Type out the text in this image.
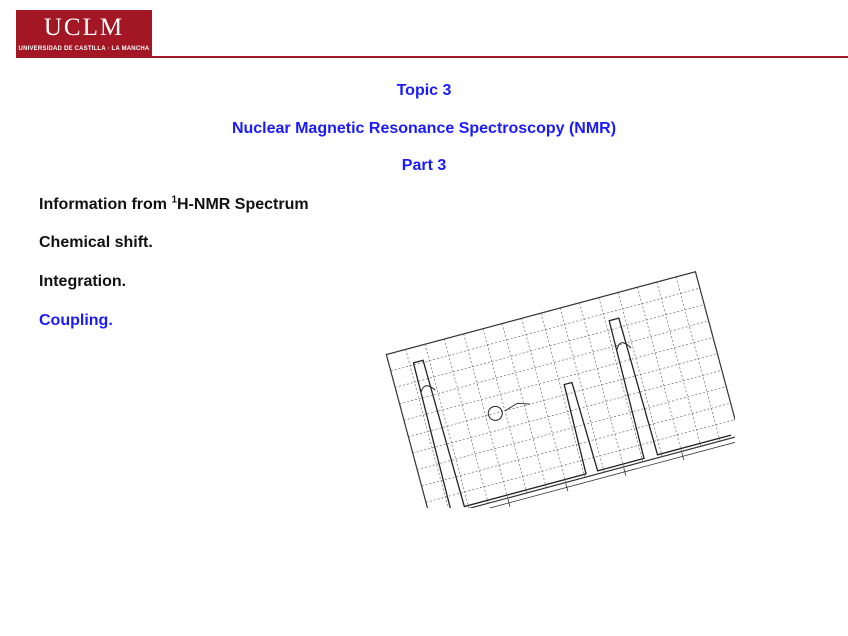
UCLM
UNIVERSIDAD DE CASTILLA · LA MANCHA
Topic 3
Nuclear Magnetic Resonance Spectroscopy (NMR)
Part 3
Information from $^1$H-NMR Spectrum
Chemical shift.
Integration.
Coupling.
